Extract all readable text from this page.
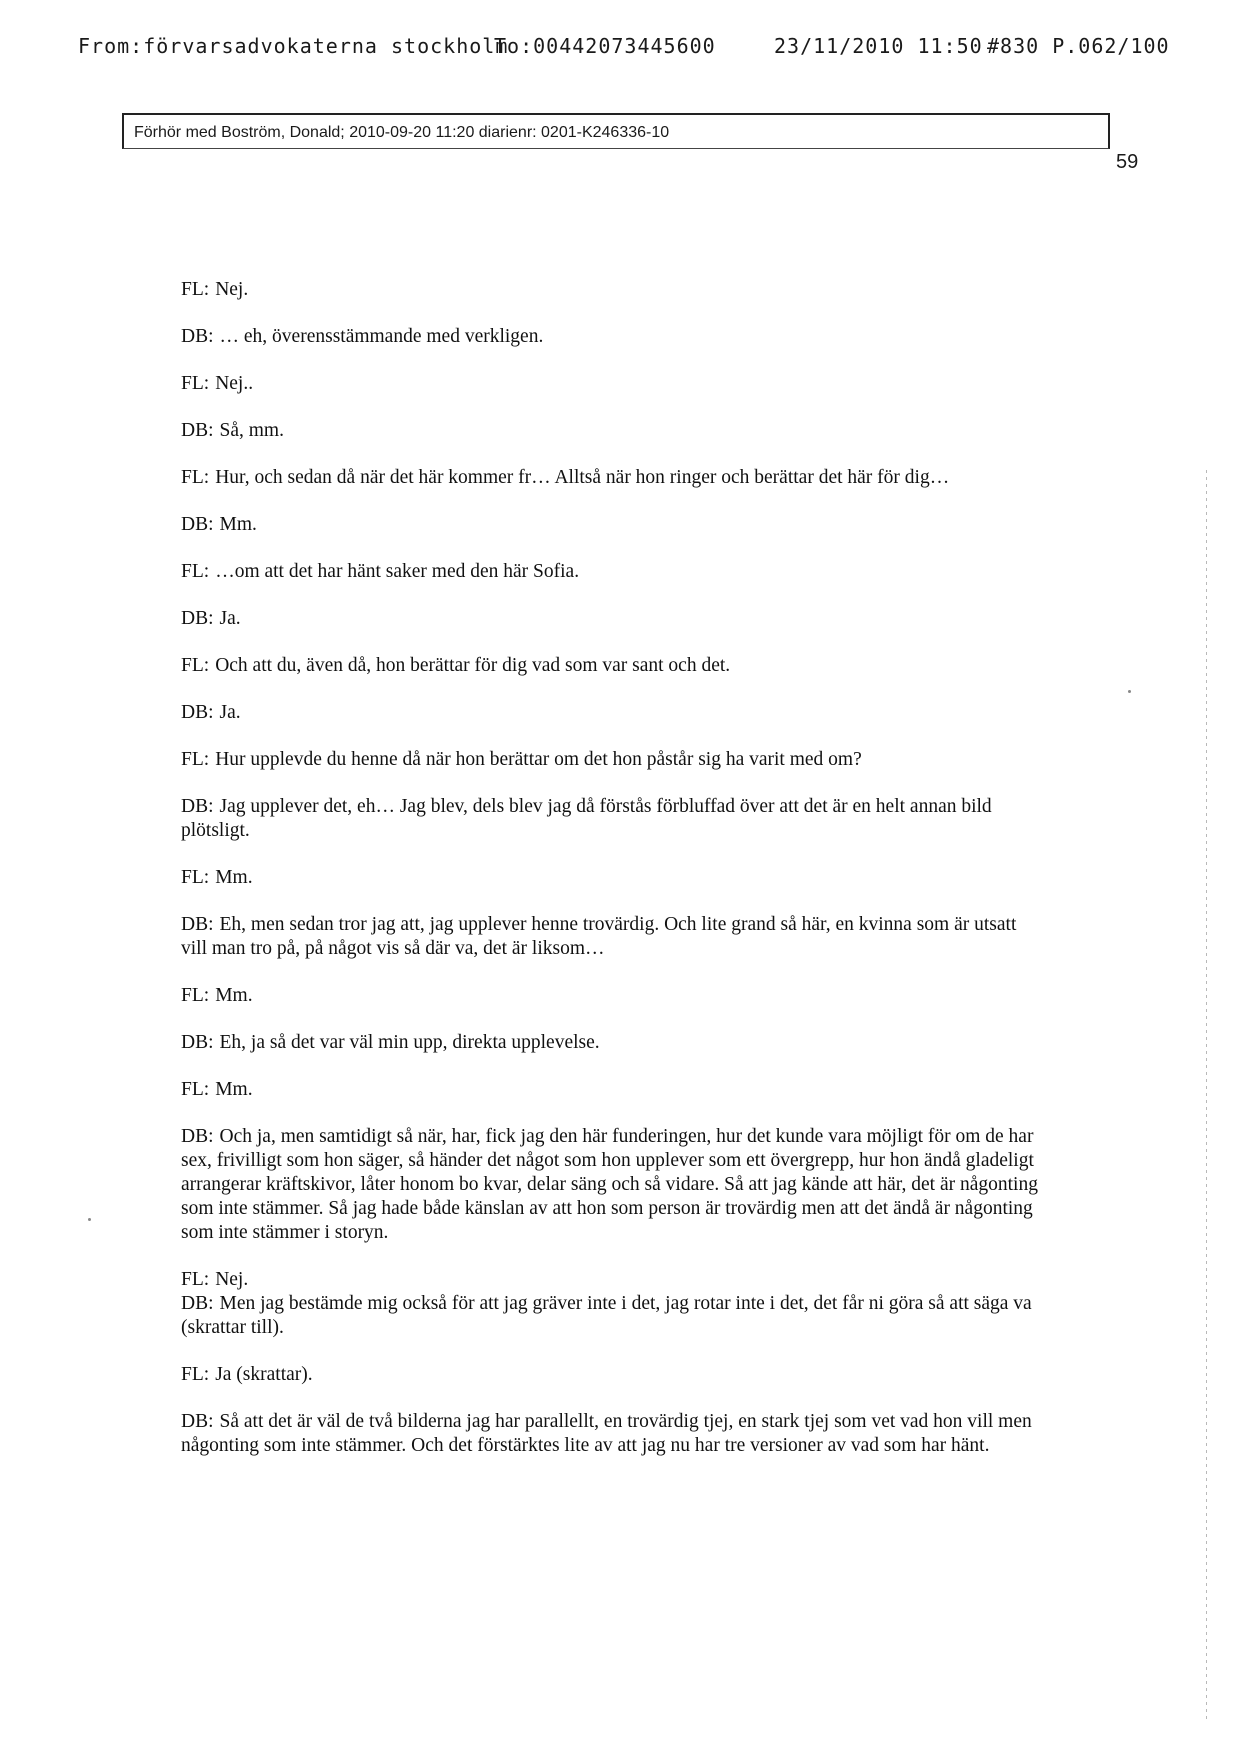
From:förvarsadvokaterna stockholm
To:00442073445600	23/11/2010 11:50 #830 P.062/100
Förhör med Boström, Donald; 2010-09-20 11:20 diarienr: 0201-K246336-10
59

FL: Nej.

DB: … eh, överensstämmande med verkligen.

FL: Nej..

DB: Så, mm.

FL: Hur, och sedan då när det här kommer fr… Alltså när hon ringer och berättar det här för dig…

DB: Mm.

FL: …om att det har hänt saker med den här Sofia.

DB: Ja.

FL: Och att du, även då, hon berättar för dig vad som var sant och det.

DB: Ja.

FL: Hur upplevde du henne då när hon berättar om det hon påstår sig ha varit med om?

DB: Jag upplever det, eh… Jag blev, dels blev jag då förstås förbluffad över att det är en helt annan bild plötsligt.

FL: Mm.

DB: Eh, men sedan tror jag att, jag upplever henne trovärdig. Och lite grand så här, en kvinna som är utsatt vill man tro på, på något vis så där va, det är liksom…

FL: Mm.

DB: Eh, ja så det var väl min upp, direkta upplevelse.

FL: Mm.

DB: Och ja, men samtidigt så när, har, fick jag den här funderingen, hur det kunde vara möjligt för om de har sex, frivilligt som hon säger, så händer det något som hon upplever som ett övergrepp, hur hon ändå gladeligt arrangerar kräftskivor, låter honom bo kvar, delar säng och så vidare. Så att jag kände att här, det är någonting som inte stämmer. Så jag hade både känslan av att hon som person är trovärdig men att det ändå är någonting som inte stämmer i storyn.

FL: Nej.

DB: Men jag bestämde mig också för att jag gräver inte i det, jag rotar inte i det, det får ni göra så att säga va (skrattar till).

FL: Ja (skrattar).

DB: Så att det är väl de två bilderna jag har parallellt, en trovärdig tjej, en stark tjej som vet vad hon vill men någonting som inte stämmer. Och det förstärktes lite av att jag nu har tre versioner av vad som har hänt.
